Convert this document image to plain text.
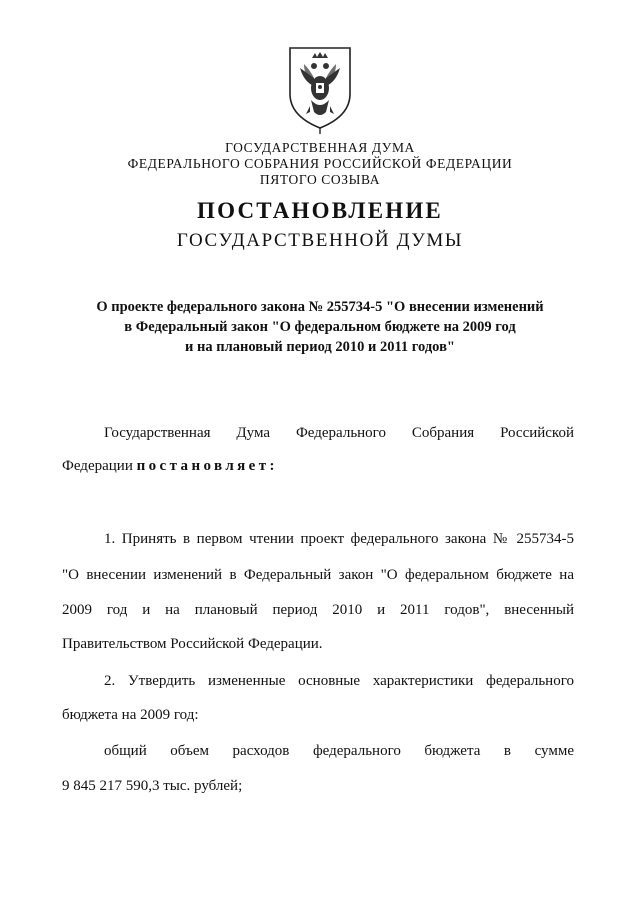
ГОСУДАРСТВЕННАЯ ДУМА
ФЕДЕРАЛЬНОГО СОБРАНИЯ РОССИЙСКОЙ ФЕДЕРАЦИИ
ПЯТОГО СОЗЫВА
ПОСТАНОВЛЕНИЕ
ГОСУДАРСТВЕННОЙ ДУМЫ
О проекте федерального закона № 255734-5 "О внесении изменений
в Федеральный закон "О федеральном бюджете на 2009 год
и на плановый период 2010 и 2011 годов"
Государственная Дума Федерального Собрания Российской
Федерации постановляет:
1. Принять в первом чтении проект федерального закона № 255734-5
"О внесении изменений в Федеральный закон "О федеральном бюджете на
2009 год и на плановый период 2010 и 2011 годов", внесенный
Правительством Российской Федерации.
2. Утвердить измененные основные характеристики федерального
бюджета на 2009 год:
общий объем расходов федерального бюджета в сумме
9 845 217 590,3 тыс. рублей;
